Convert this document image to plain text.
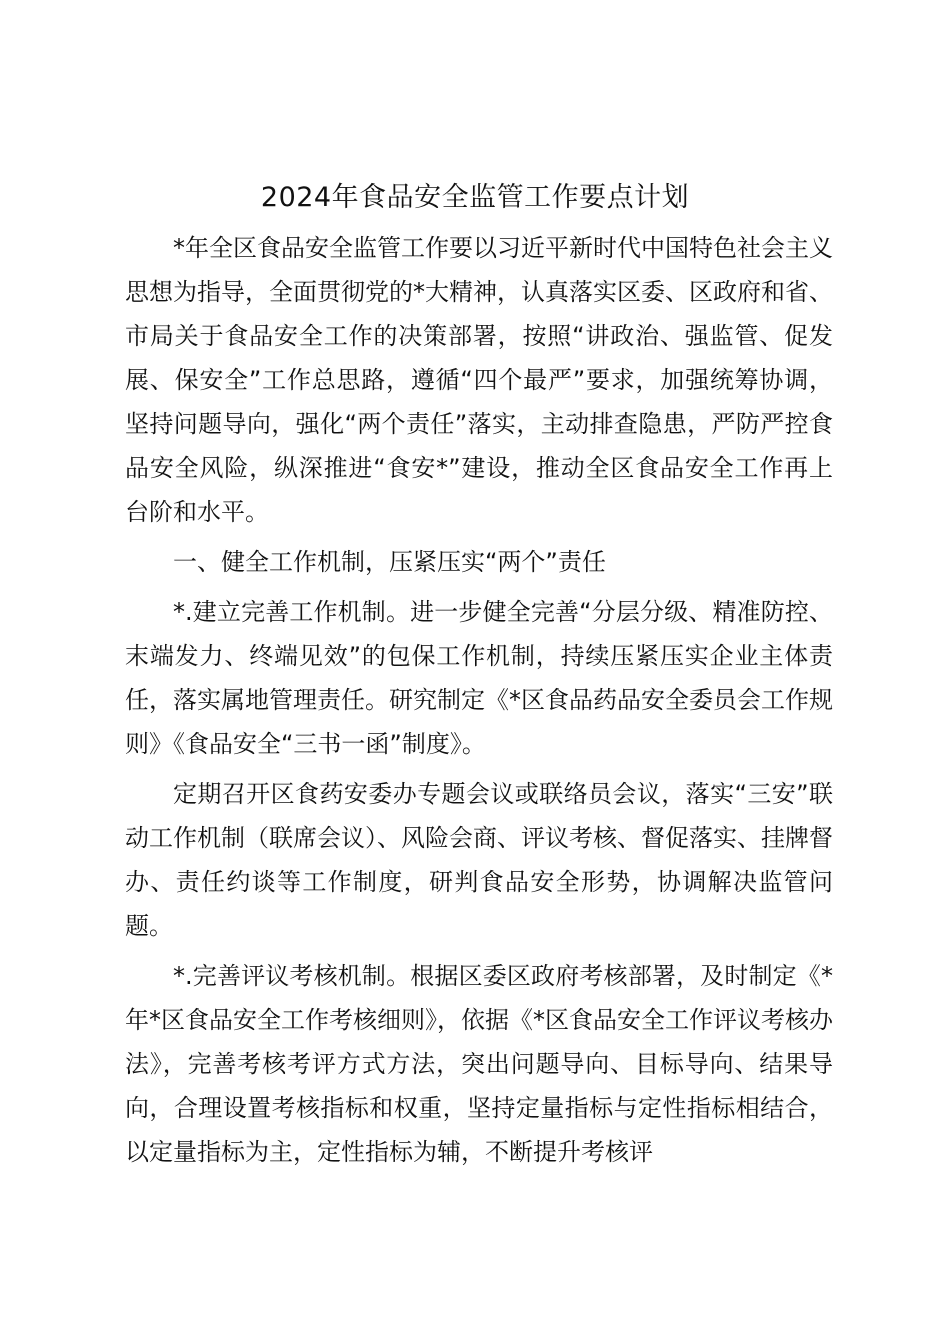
2024年食品安全监管工作要点计划

*年全区食品安全监管工作要以习近平新时代中国特色社会主义思想为指导，全面贯彻党的*大精神，认真落实区委、区政府和省、市局关于食品安全工作的决策部署，按照“讲政治、强监管、促发展、保安全”工作总思路，遵循“四个最严”要求，加强统筹协调，坚持问题导向，强化“两个责任”落实，主动排查隐患，严防严控食品安全风险，纵深推进“食安*”建设，推动全区食品安全工作再上台阶和水平。

一、健全工作机制，压紧压实“两个”责任

*.建立完善工作机制。进一步健全完善“分层分级、精准防控、末端发力、终端见效”的包保工作机制，持续压紧压实企业主体责任，落实属地管理责任。研究制定《*区食品药品安全委员会工作规则》《食品安全“三书一函”制度》。

定期召开区食药安委办专题会议或联络员会议，落实“三安”联动工作机制（联席会议）、风险会商、评议考核、督促落实、挂牌督办、责任约谈等工作制度，研判食品安全形势，协调解决监管问题。

*.完善评议考核机制。根据区委区政府考核部署，及时制定《*年*区食品安全工作考核细则》，依据《*区食品安全工作评议考核办法》，完善考核考评方式方法，突出问题导向、目标导向、结果导向，合理设置考核指标和权重，坚持定量指标与定性指标相结合，以定量指标为主，定性指标为辅，不断提升考核评
